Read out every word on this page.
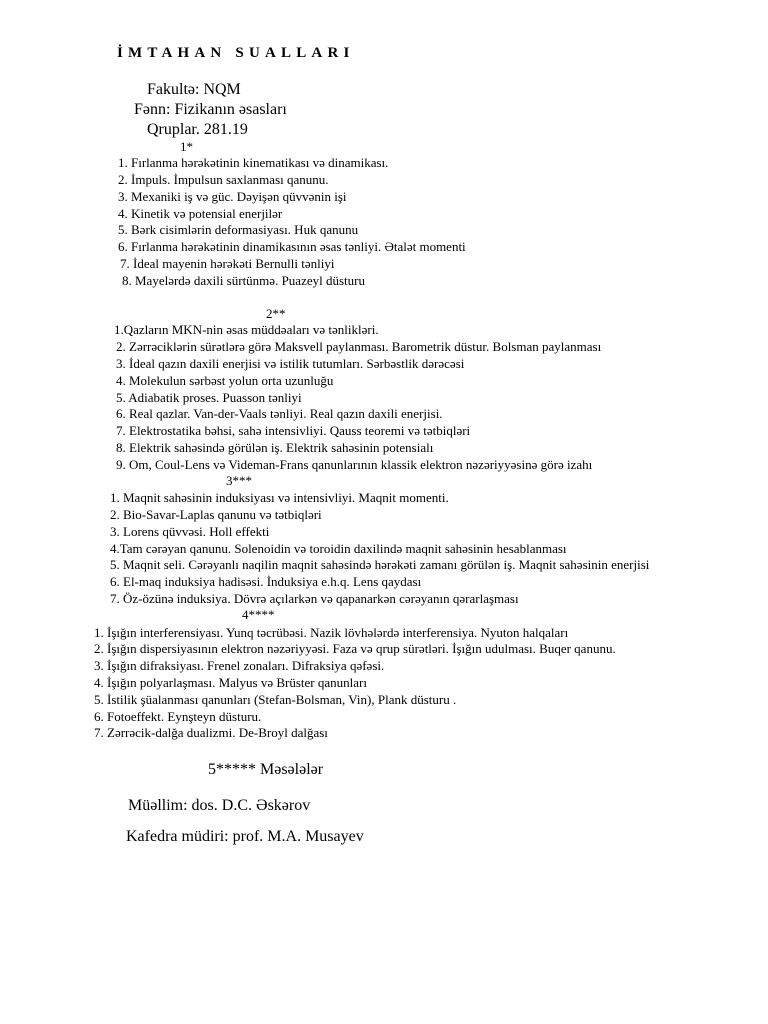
İMTAHAN SUALLARI
Fakultə: NQM
Fənn: Fizikanın əsasları
Qruplar. 281.19
1*
1. Fırlanma hərəkətinin kinematikası və dinamikası.
2. İmpuls. İmpulsun saxlanması qanunu.
3. Mexaniki iş və güc. Dəyişən qüvvənin işi
4. Kinetik və potensial enerjilər
5. Bərk cisimlərin deformasiyası. Huk qanunu
6. Fırlanma hərəkətinin dinamikasının əsas tənliyi. Ətalət momenti
7. İdeal mayenin hərəkəti Bernulli tənliyi
8. Mayelərdə daxili sürtünmə. Puazeyl düsturu
2**
1.Qazların MKN-nin əsas müddəaları və tənlikləri.
2. Zərrəciklərin sürətlərə görə Maksvell paylanması. Barometrik düstur. Bolsman paylanması
3. İdeal qazın daxili enerjisi və istilik tutumları. Sərbəstlik dərəcəsi
4. Molekulun sərbəst yolun orta uzunluğu
5. Adiabatik proses. Puasson tənliyi
6. Real qazlar. Van-der-Vaals tənliyi. Real qazın daxili enerjisi.
7. Elektrostatika bəhsi, sahə intensivliyi. Qauss teoremi və tətbiqləri
8. Elektrik sahəsində görülən iş. Elektrik sahəsinin potensialı
9. Om, Coul-Lens və Videman-Frans qanunlarının klassik elektron nəzəriyyəsinə görə izahı
3***
1. Maqnit sahəsinin induksiyası və intensivliyi. Maqnit momenti.
2. Bio-Savar-Laplas qanunu və tətbiqləri
3. Lorens qüvvəsi. Holl effekti
4.Tam cərəyan qanunu. Solenoidin və toroidin daxilində maqnit sahəsinin hesablanması
5. Maqnit seli. Cərəyanlı naqilin maqnit sahəsində hərəkəti zamanı görülən iş. Maqnit sahəsinin enerjisi
6. El-maq induksiya hadisəsi. İnduksiya e.h.q. Lens qaydası
7. Öz-özünə induksiya. Dövrə açılarkən və qapanarkən cərəyanın qərarlaşması
4****
1. İşığın interferensiyası. Yunq təcrübəsi. Nazik lövhələrdə interferensiya. Nyuton halqaları
2. İşığın dispersiyasının elektron nəzəriyyəsi. Faza və qrup sürətləri. İşığın udulması. Buqer qanunu.
3. İşığın difraksiyası. Frenel zonaları. Difraksiya qəfəsi.
4. İşığın polyarlaşması. Malyus və Brüster qanunları
5. İstilik şüalanması qanunları (Stefan-Bolsman, Vin), Plank düsturu .
6. Fotoeffekt. Eynşteyn düsturu.
7. Zərrəcik-dalğa dualizmi. De-Broyl dalğası
5***** Məsələlər
Müəllim: dos. D.C. Əskərov
Kafedra müdiri: prof. M.A. Musayev
